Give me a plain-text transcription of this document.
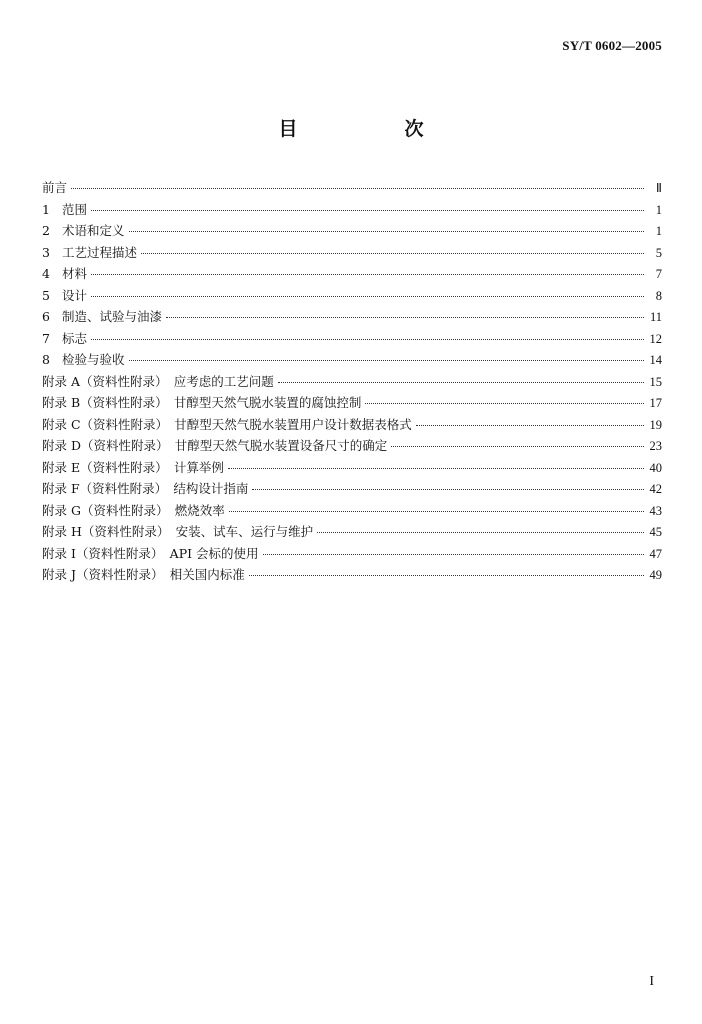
SY/T 0602—2005
目　次
前言	Ⅱ
1 范围	1
2 术语和定义	1
3 工艺过程描述	5
4 材料	7
5 设计	8
6 制造、试验与油漆	11
7 标志	12
8 检验与验收	14
附录 A（资料性附录）　应考虑的工艺问题	15
附录 B（资料性附录）　甘醇型天然气脱水装置的腐蚀控制	17
附录 C（资料性附录）　甘醇型天然气脱水装置用户设计数据表格式	19
附录 D（资料性附录）　甘醇型天然气脱水装置设备尺寸的确定	23
附录 E（资料性附录）　计算举例	40
附录 F（资料性附录）　结构设计指南	42
附录 G（资料性附录）　燃烧效率	43
附录 H（资料性附录）　安装、试车、运行与维护	45
附录 I（资料性附录）　API 会标的使用	47
附录 J（资料性附录）　相关国内标准	49
I
